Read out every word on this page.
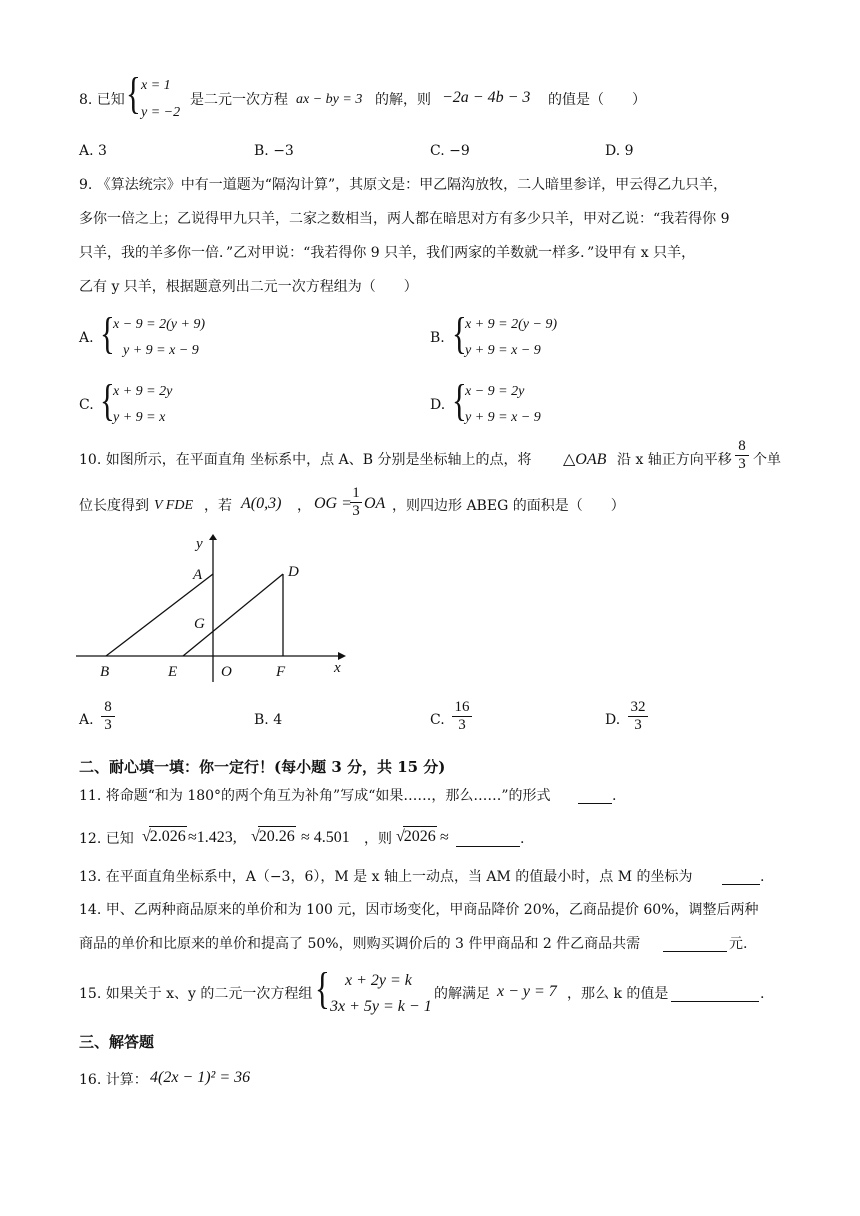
8. 已知 { x = 1
y = −2
是二元一次方程 ax − by = 3 的解，则 −2a − 4b − 3 的值是（　　）
A. 3	B. −3	C. −9	D. 9
9. 《算法统宗》中有一道题为“隔沟计算”，其原文是：甲乙隔沟放牧，二人暗里参详，甲云得乙九只羊，
多你一倍之上；乙说得甲九只羊，二家之数相当，两人都在暗思对方有多少只羊，甲对乙说：“我若得你 9
只羊，我的羊多你一倍．”乙对甲说：“我若得你 9 只羊，我们两家的羊数就一样多．”设甲有 x 只羊，
乙有 y 只羊，根据题意列出二元一次方程组为（　　）
A. {
x − 9 = 2(y + 9)
y + 9 = x − 9
B. {
x + 9 = 2(y − 9)
y + 9 = x − 9
C. {
x + 9 = 2y
y + 9 = x
D. {
x − 9 = 2y
y + 9 = x − 9
10. 如图所示，在平面直角 坐标系中，点 A、B 分别是坐标轴上的点，将 △OAB 沿 x 轴正方向平移
8
3 个单
位长度得到 V FDE ，若 A(0,3) ， OG =
1
3 OA ，则四边形 ABEG 的面积是（　　）
y
x
A	D
G
B	E	O	F
A.
8
3	B. 4	C.
16
3	D.
32
3
二、耐心填一填：你一定行！(每小题 3 分，共 15 分)
11. 将命题“和为 180°的两个角互为补角”写成“如果……，那么……”的形式	.
12. 已知 √2.026 ≈1.423, √20.26 ≈ 4.501 ，则 √2026 ≈	.
13. 在平面直角坐标系中，A（−3，6），M 是 x 轴上一动点，当 AM 的值最小时，点 M 的坐标为	.
14. 甲、乙两种商品原来的单价和为 100 元，因市场变化，甲商品降价 20%，乙商品提价 60%，调整后两种
商品的单价和比原来的单价和提高了 50%，则购买调价后的 3 件甲商品和 2 件乙商品共需	元.
15. 如果关于 x、y 的二元一次方程组 { x + 2y = k
3x + 5y = k − 1
的解满足 x − y = 7 ，那么 k 的值是	.
三、解答题
16. 计算： 4(2x − 1)² = 36
